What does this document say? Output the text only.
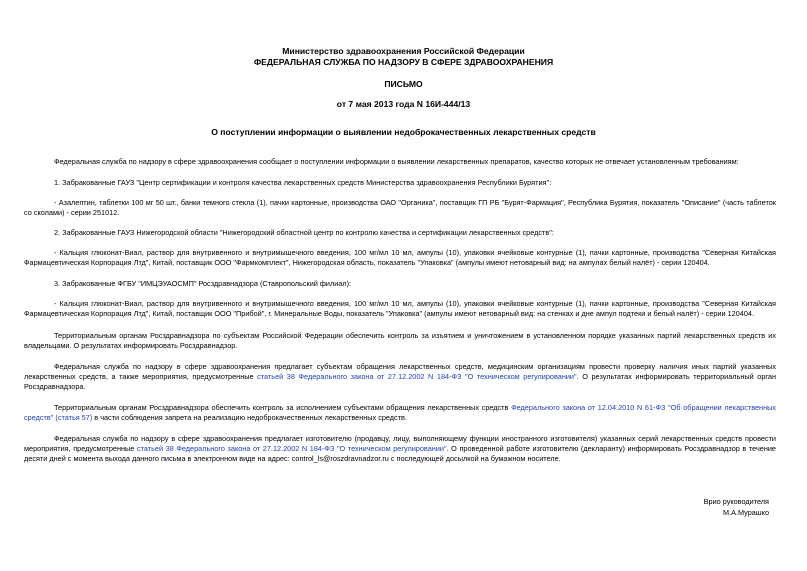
Министерство здравоохранения Российской Федерации
ФЕДЕРАЛЬНАЯ СЛУЖБА ПО НАДЗОРУ В СФЕРЕ ЗДРАВООХРАНЕНИЯ
ПИСЬМО
от 7 мая 2013 года N 16И-444/13
О поступлении информации о выявлении недоброкачественных лекарственных средств
Федеральная служба по надзору в сфере здравоохранения сообщает о поступлении информации о выявлении лекарственных препаратов, качество которых не отвечает установленным требованиям:
1. Забракованные ГАУЗ "Центр сертификации и контроля качества лекарственных средств Министерства здравоохранения Республики Бурятия":
- Азалептин, таблетки 100 мг 50 шт., банки темного стекла (1), пачки картонные, производства ОАО "Органика", поставщик ГП РБ "Бурят-Фармация", Республика Бурятия, показатель "Описание" (часть таблеток со сколами) - серии 251012.
2. Забракованные ГАУЗ Нижегородской области "Нижегородский областной центр по контролю качества и сертификации лекарственных средств":
- Кальция глюконат-Виал, раствор для внутривенного и внутримышечного введения, 100 мг/мл 10 мл, ампулы (10), упаковки ячейковые контурные (1), пачки картонные, производства "Северная Китайская Фармацевтическая Корпорация Лтд", Китай, поставщик ООО "Фармкомплект", Нижегородская область, показатель "Упаковка" (ампулы имеют нетоварный вид: на ампулах белый налёт) - серии 120404.
3. Забракованные ФГБУ "ИМЦЭУАОСМП" Росздравнадзора (Ставропольский филиал):
- Кальция глюконат-Виал, раствор для внутривенного и внутримышечного введения, 100 мг/мл 10 мл, ампулы (10), упаковки ячейковые контурные (1), пачки картонные, производства "Северная Китайская Фармацевтическая Корпорация Лтд", Китай, поставщик ООО "Прибой", г. Минеральные Воды, показатель "Упаковка" (ампулы имеют нетоварный вид: на стенках и дне ампул подтеки и белый налёт) - серии 120404.
Территориальным органам Росздравнадзора по субъектам Российской Федерации обеспечить контроль за изъятием и уничтожением в установленном порядке указанных партий лекарственных средств их владельцами. О результатах информировать Росздравнадзор.
Федеральная служба по надзору в сфере здравоохранения предлагает субъектам обращения лекарственных средств, медицинским организациям провести проверку наличия иных партий указанных лекарственных средств, а также мероприятия, предусмотренные статьей 38 Федерального закона от 27.12.2002 N 184-ФЗ "О техническом регулировании". О результатах информировать территориальный орган Росздравнадзора.
Территориальным органам Росздравнадзора обеспечить контроль за исполнением субъектами обращения лекарственных средств Федерального закона от 12.04.2010 N 61-ФЗ "Об обращении лекарственных средств" (статья 57) в части соблюдения запрета на реализацию недоброкачественных лекарственных средств.
Федеральная служба по надзору в сфере здравоохранения предлагает изготовителю (продавцу, лицу, выполняющему функции иностранного изготовителя) указанных серий лекарственных средств провести мероприятия, предусмотренные статьей 38 Федерального закона от 27.12.2002 N 184-ФЗ "О техническом регулировании". О проведенной работе изготовителю (декларанту) информировать Росздравнадзор в течение десяти дней с момента выхода данного письма в электронном виде на адрес: control_ls@roszdravnadzor.ru с последующей досылкой на бумажном носителе.
Врио руководителя
М.А.Мурашко
